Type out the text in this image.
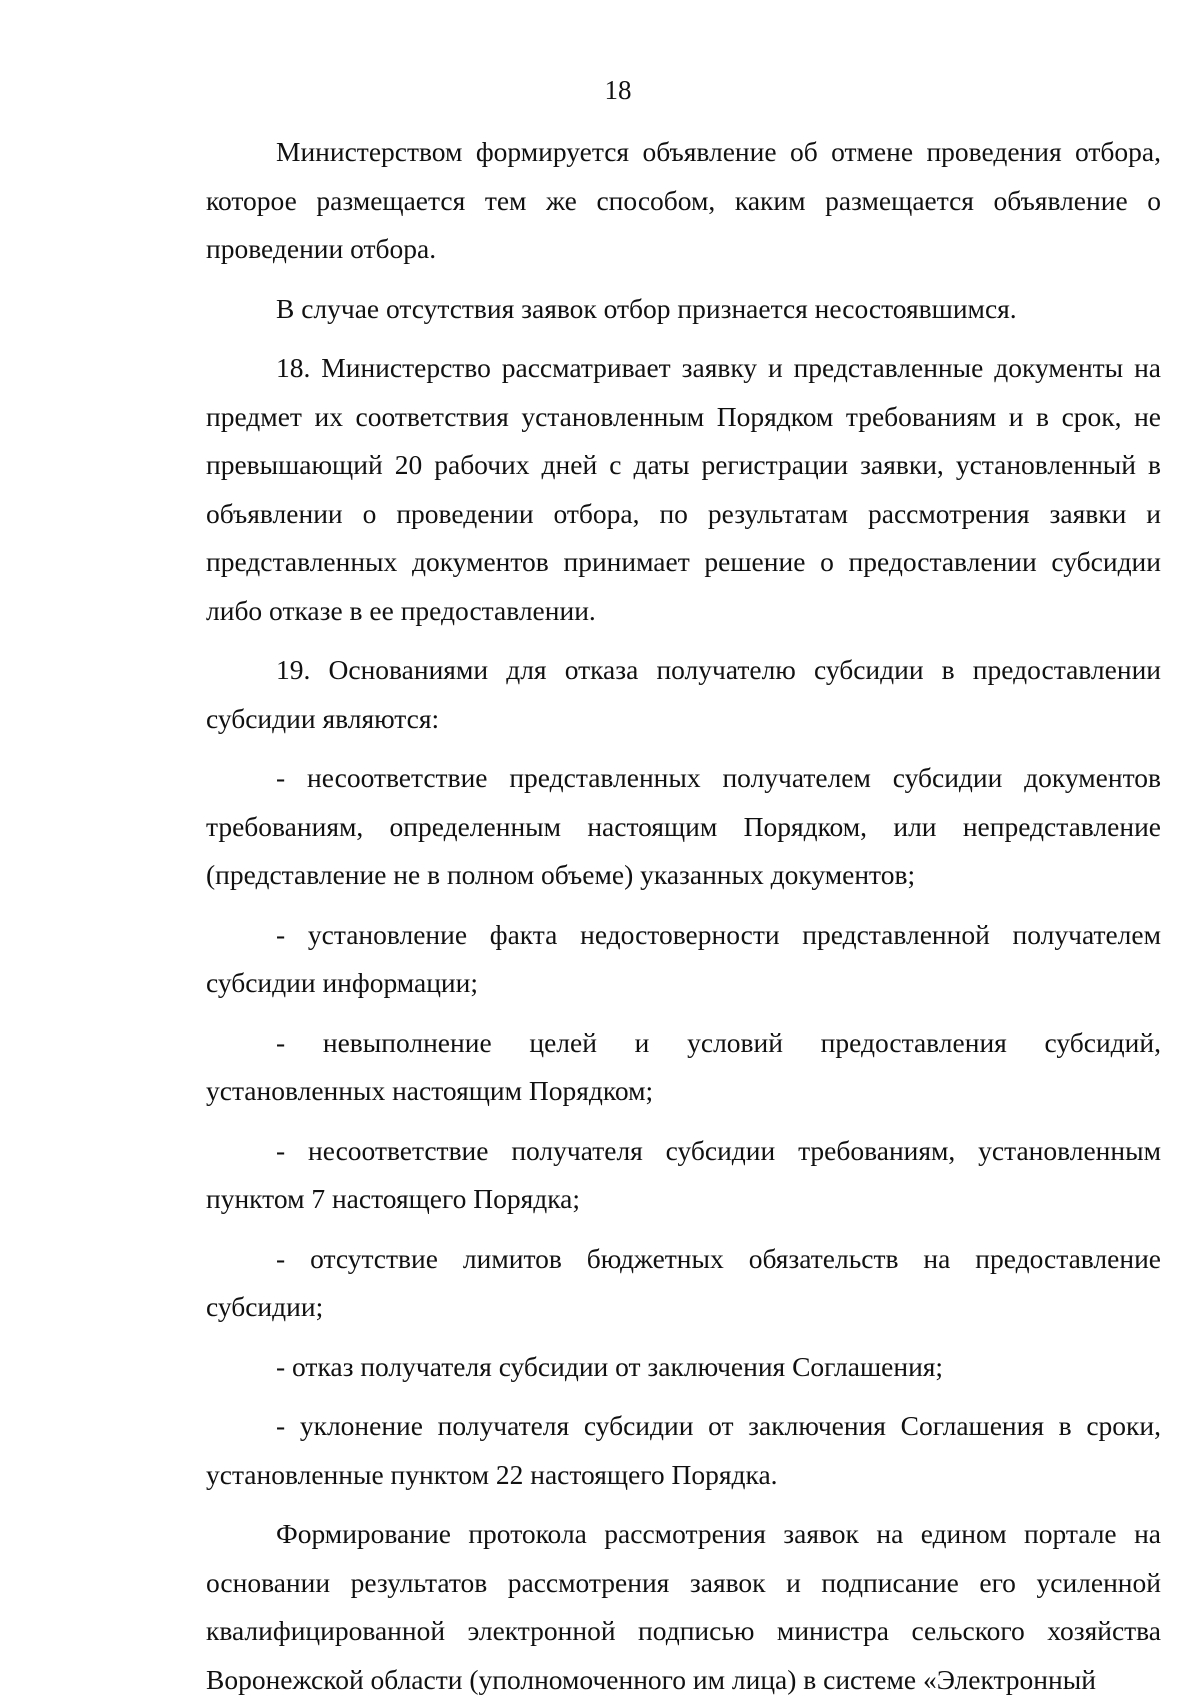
18

Министерством формируется объявление об отмене проведения отбора, которое размещается тем же способом, каким размещается объявление о проведении отбора.

В случае отсутствия заявок отбор признается несостоявшимся.

18. Министерство рассматривает заявку и представленные документы на предмет их соответствия установленным Порядком требованиям и в срок, не превышающий 20 рабочих дней с даты регистрации заявки, установленный в объявлении о проведении отбора, по результатам рассмотрения заявки и представленных документов принимает решение о предоставлении субсидии либо отказе в ее предоставлении.

19. Основаниями для отказа получателю субсидии в предоставлении субсидии являются:

- несоответствие представленных получателем субсидии документов требованиям, определенным настоящим Порядком, или непредставление (представление не в полном объеме) указанных документов;

- установление факта недостоверности представленной получателем субсидии информации;

- невыполнение целей и условий предоставления субсидий, установленных настоящим Порядком;

- несоответствие получателя субсидии требованиям, установленным пунктом 7 настоящего Порядка;

- отсутствие лимитов бюджетных обязательств на предоставление субсидии;

- отказ получателя субсидии от заключения Соглашения;

- уклонение получателя субсидии от заключения Соглашения в сроки, установленные пунктом 22 настоящего Порядка.

Формирование протокола рассмотрения заявок на едином портале на основании результатов рассмотрения заявок и подписание его усиленной квалифицированной электронной подписью министра сельского хозяйства Воронежской области (уполномоченного им лица) в системе «Электронный
